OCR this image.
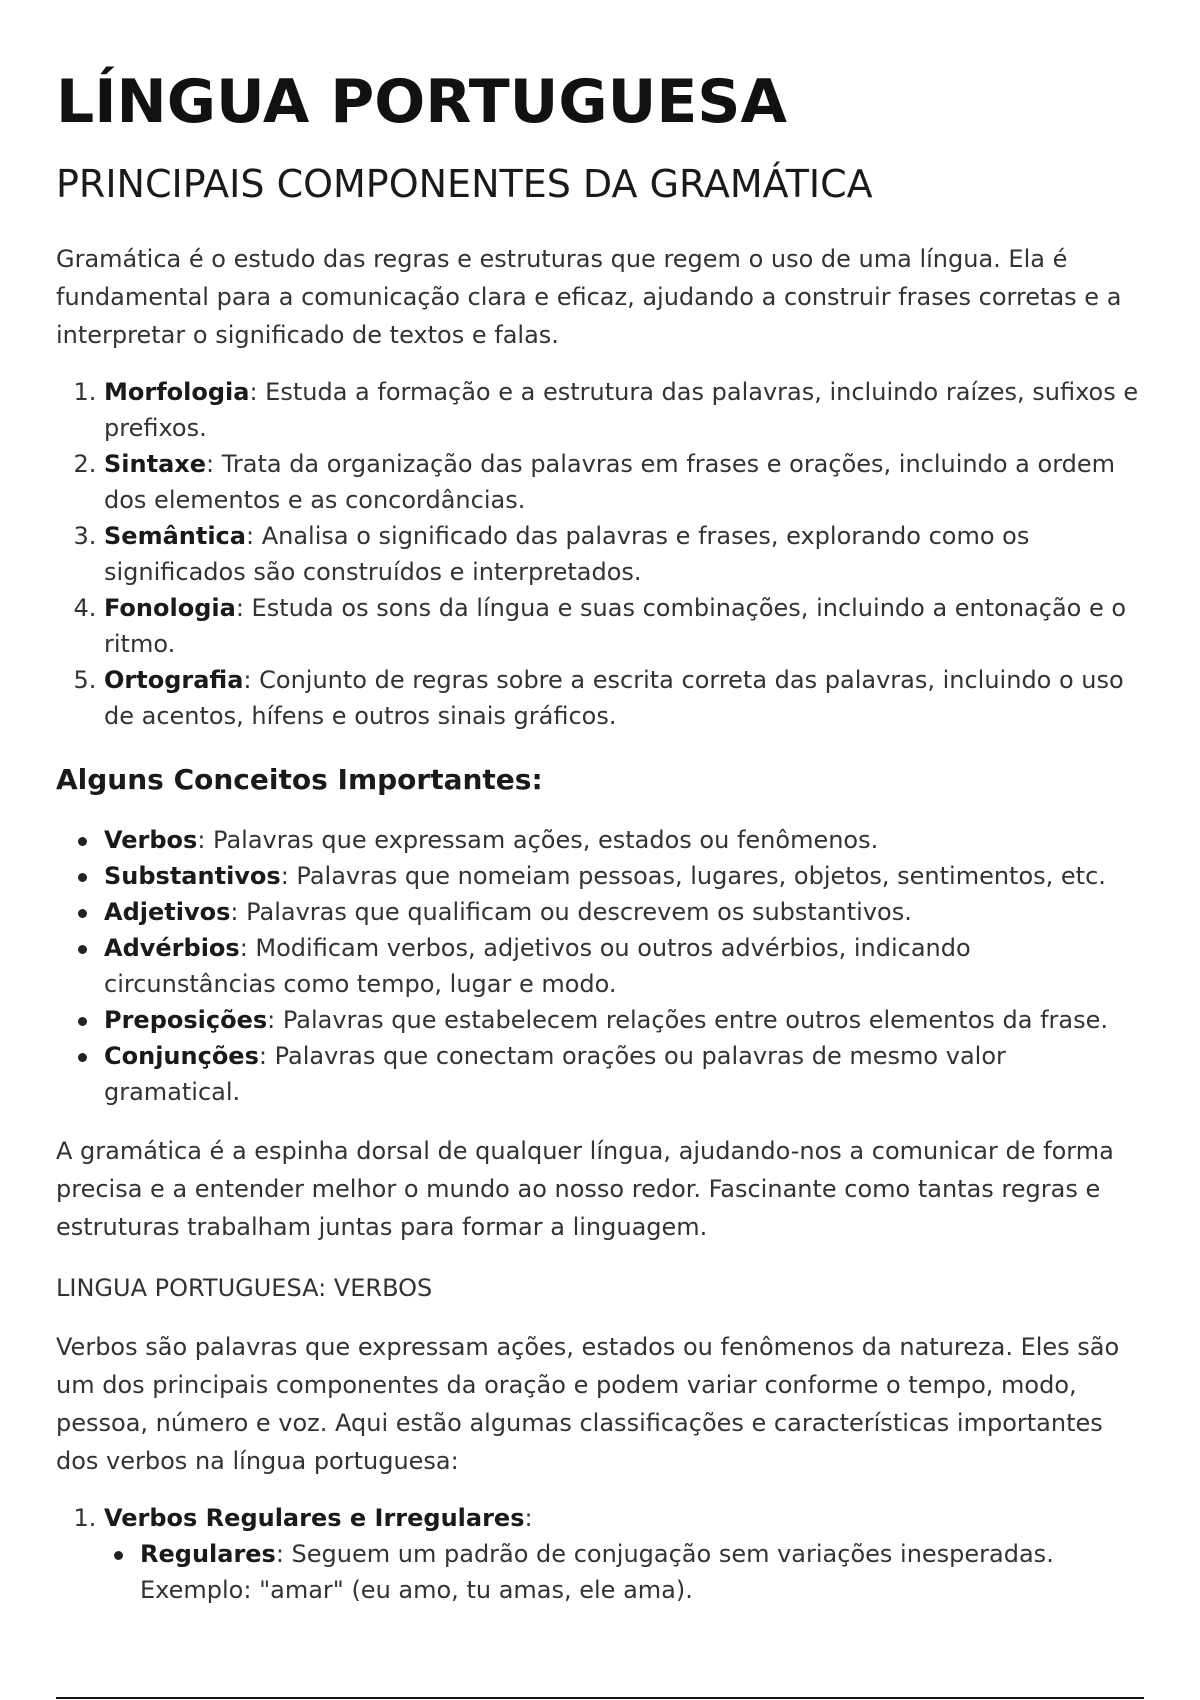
LÍNGUA PORTUGUESA
PRINCIPAIS COMPONENTES DA GRAMÁTICA

Gramática é o estudo das regras e estruturas que regem o uso de uma língua. Ela é fundamental para a comunicação clara e eficaz, ajudando a construir frases corretas e a interpretar o significado de textos e falas.

1. Morfologia: Estuda a formação e a estrutura das palavras, incluindo raízes, sufixos e prefixos.
2. Sintaxe: Trata da organização das palavras em frases e orações, incluindo a ordem dos elementos e as concordâncias.
3. Semântica: Analisa o significado das palavras e frases, explorando como os significados são construídos e interpretados.
4. Fonologia: Estuda os sons da língua e suas combinações, incluindo a entonação e o ritmo.
5. Ortografia: Conjunto de regras sobre a escrita correta das palavras, incluindo o uso de acentos, hífens e outros sinais gráficos.
Alguns Conceitos Importantes:
Verbos: Palavras que expressam ações, estados ou fenômenos.
Substantivos: Palavras que nomeiam pessoas, lugares, objetos, sentimentos, etc.
Adjetivos: Palavras que qualificam ou descrevem os substantivos.
Advérbios: Modificam verbos, adjetivos ou outros advérbios, indicando circunstâncias como tempo, lugar e modo.
Preposições: Palavras que estabelecem relações entre outros elementos da frase.
Conjunções: Palavras que conectam orações ou palavras de mesmo valor gramatical.

A gramática é a espinha dorsal de qualquer língua, ajudando-nos a comunicar de forma precisa e a entender melhor o mundo ao nosso redor. Fascinante como tantas regras e estruturas trabalham juntas para formar a linguagem.

LINGUA PORTUGUESA: VERBOS

Verbos são palavras que expressam ações, estados ou fenômenos da natureza. Eles são um dos principais componentes da oração e podem variar conforme o tempo, modo, pessoa, número e voz. Aqui estão algumas classificações e características importantes dos verbos na língua portuguesa:

1. Verbos Regulares e Irregulares:
Regulares: Seguem um padrão de conjugação sem variações inesperadas. Exemplo: "amar" (eu amo, tu amas, ele ama).
